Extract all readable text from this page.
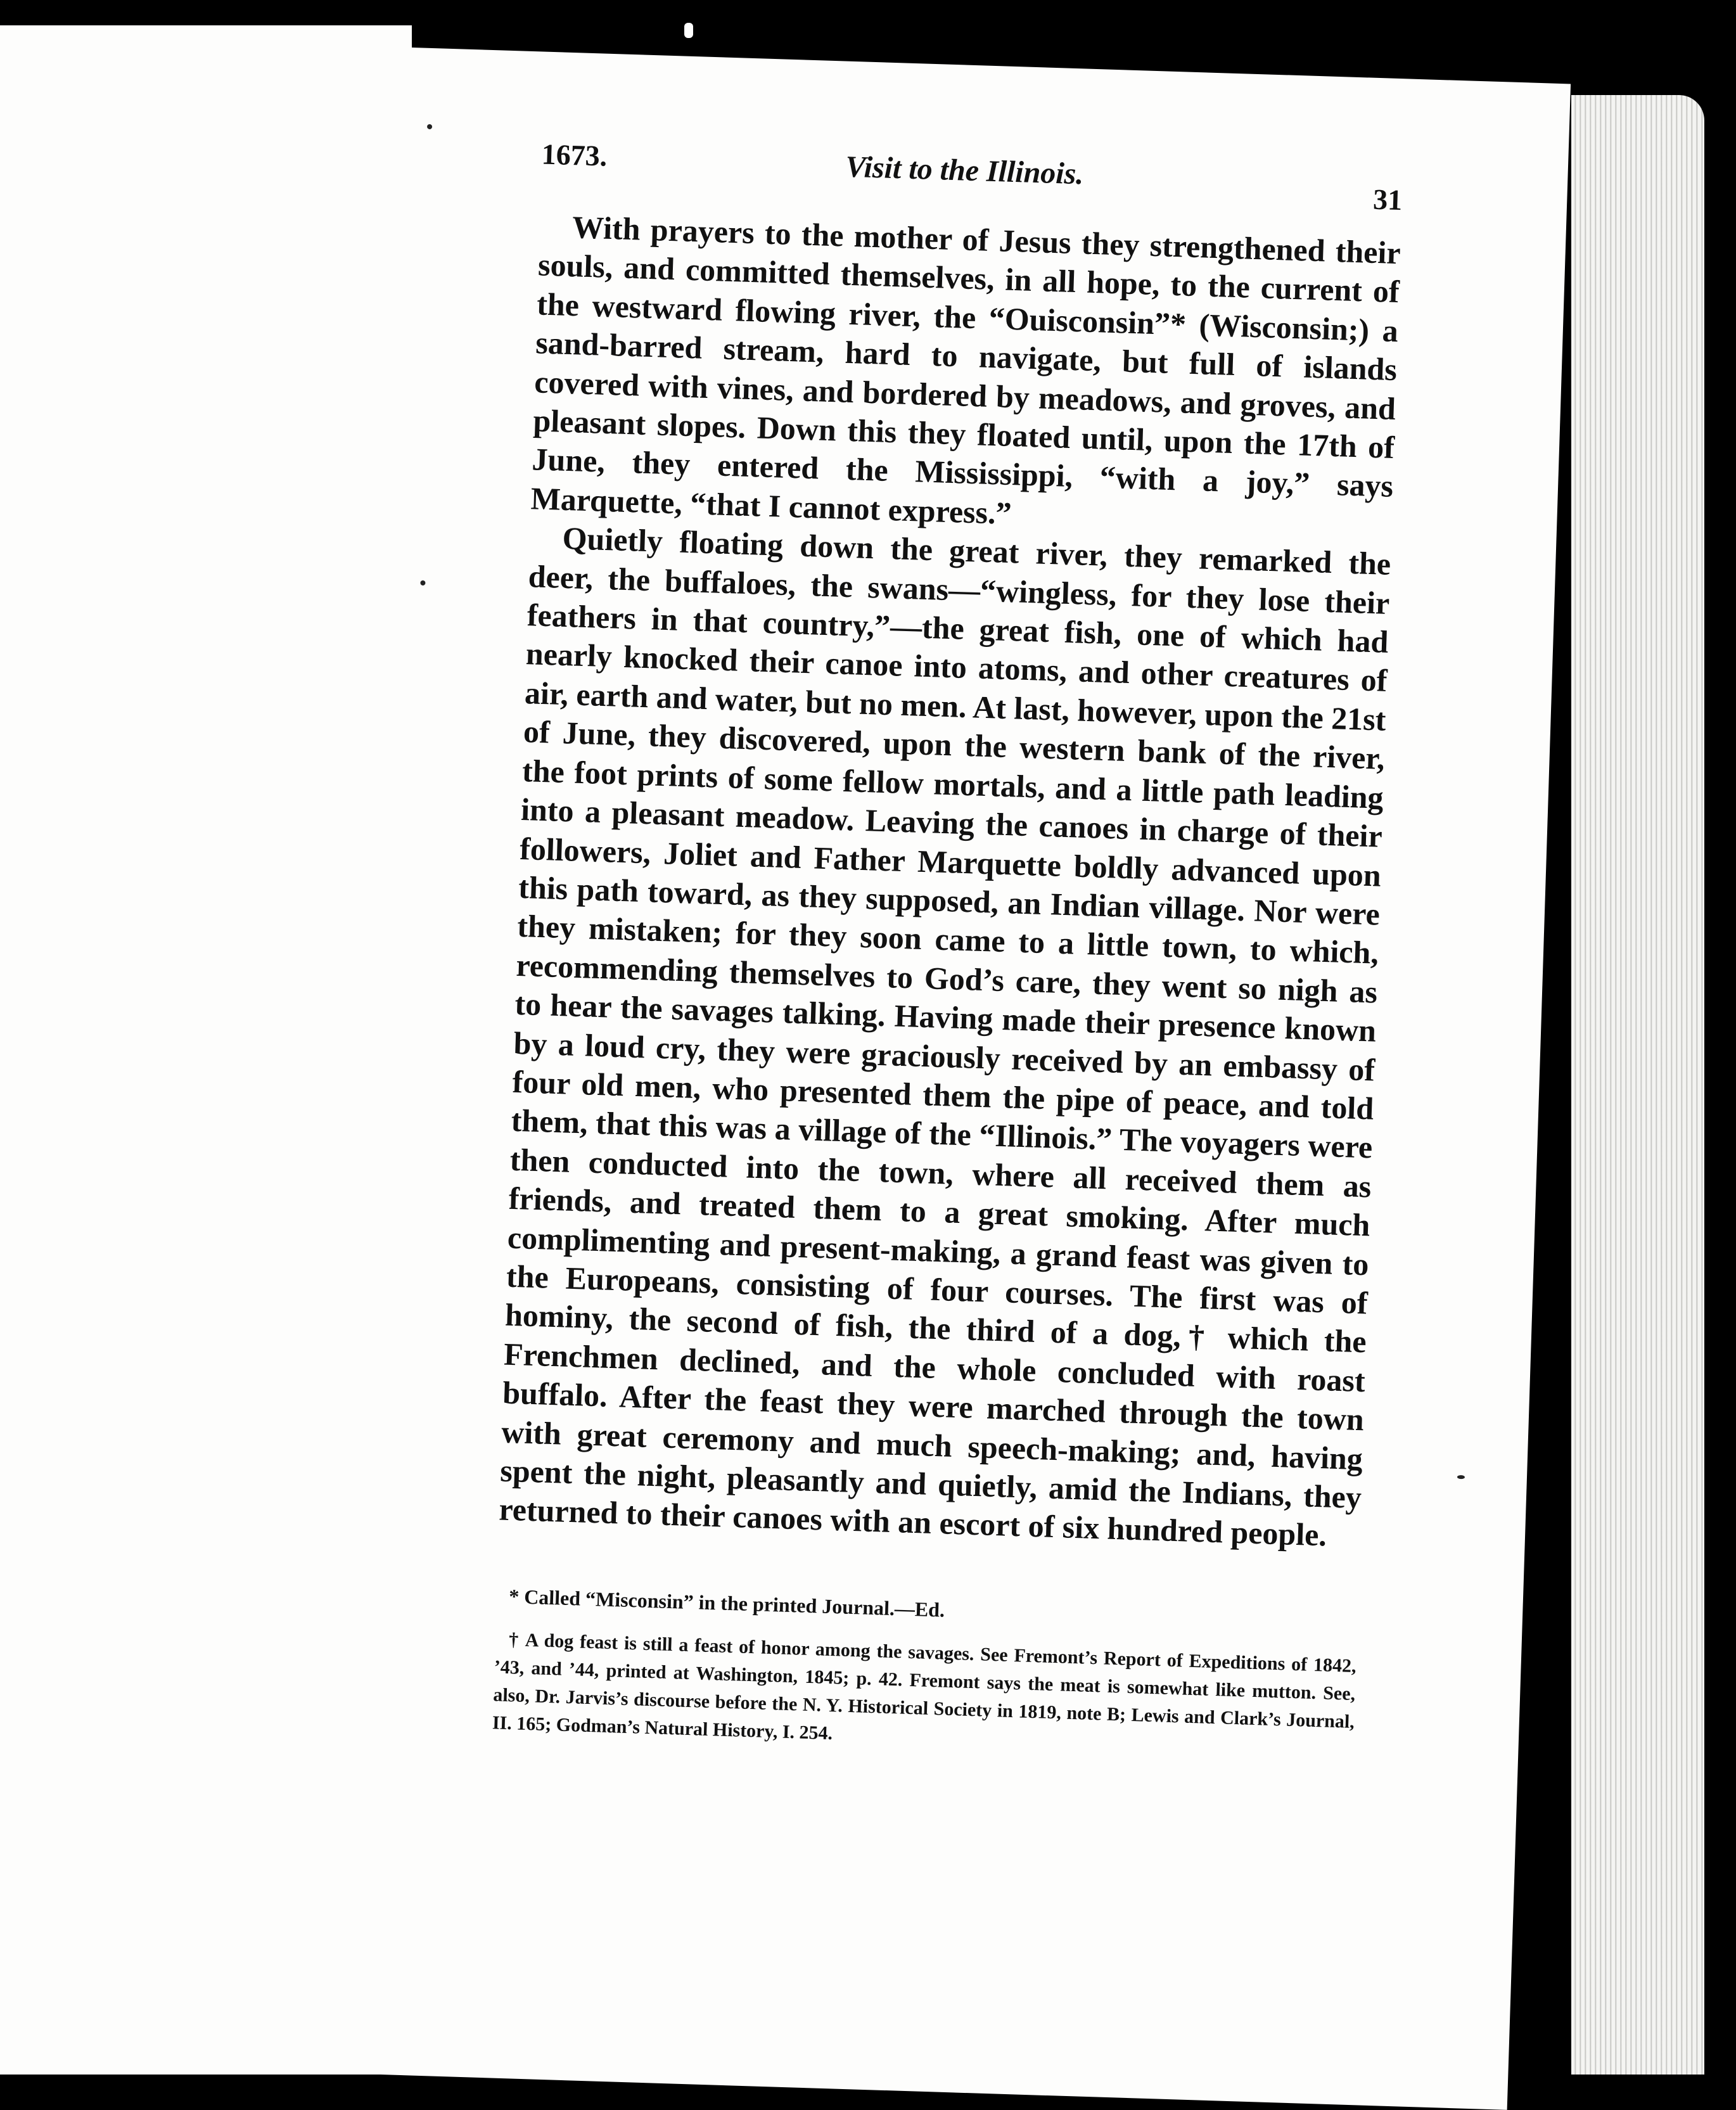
1673.	Visit to the Illinois.
31

With prayers to the mother of Jesus they strengthened their souls, and committed themselves, in all hope, to the current of the westward flowing river, the “Ouisconsin”* (Wisconsin;) a sand-barred stream, hard to navigate, but full of islands covered with vines, and bordered by meadows, and groves, and pleasant slopes. Down this they floated until, upon the 17th of June, they entered the Mississippi, “with a joy,” says Marquette, “that I cannot express.”

Quietly floating down the great river, they remarked the deer, the buffaloes, the swans—“wingless, for they lose their feathers in that country,”—the great fish, one of which had nearly knocked their canoe into atoms, and other creatures of air, earth and water, but no men. At last, however, upon the 21st of June, they discovered, upon the western bank of the river, the foot prints of some fellow mortals, and a little path leading into a pleasant meadow. Leaving the canoes in charge of their followers, Joliet and Father Marquette boldly advanced upon this path toward, as they supposed, an Indian village. Nor were they mistaken; for they soon came to a little town, to which, recommending themselves to God’s care, they went so nigh as to hear the savages talking. Having made their presence known by a loud cry, they were graciously received by an embassy of four old men, who presented them the pipe of peace, and told them, that this was a village of the “Illinois.” The voyagers were then conducted into the town, where all received them as friends, and treated them to a great smoking. After much complimenting and present-making, a grand feast was given to the Europeans, consisting of four courses. The first was of hominy, the second of fish, the third of a dog,† which the Frenchmen declined, and the whole concluded with roast buffalo. After the feast they were marched through the town with great ceremony and much speech-making; and, having spent the night, pleasantly and quietly, amid the Indians, they returned to their canoes with an escort of six hundred people.

* Called “Misconsin” in the printed Journal.—Ed.

† A dog feast is still a feast of honor among the savages. See Fremont’s Report of Expeditions of 1842, ’43, and ’44, printed at Washington, 1845; p. 42. Fremont says the meat is somewhat like mutton. See, also, Dr. Jarvis’s discourse before the N. Y. Historical Society in 1819, note B; Lewis and Clark’s Journal, II. 165; Godman’s Natural History, I. 254.
